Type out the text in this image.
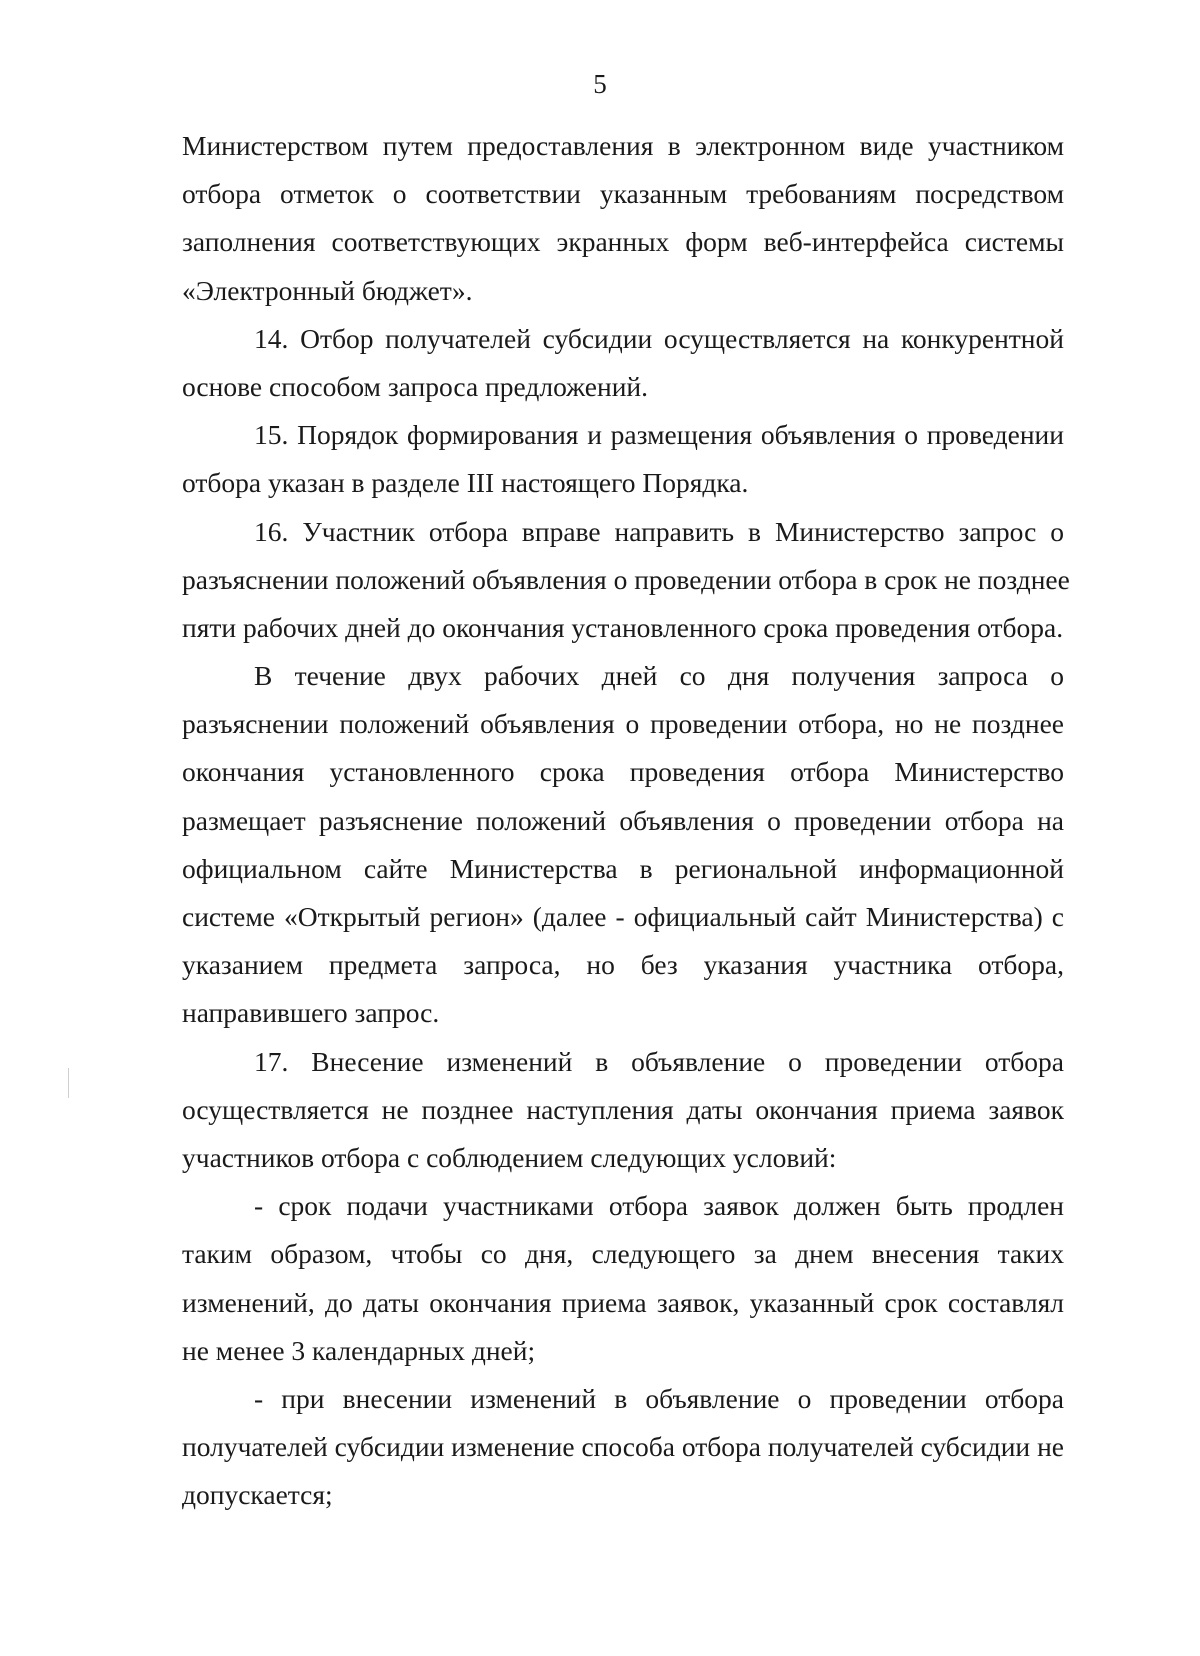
5
Министерством путем предоставления в электронном виде участником
отбора отметок о соответствии указанным требованиям посредством
заполнения соответствующих экранных форм веб-интерфейса системы
«Электронный бюджет».
14. Отбор получателей субсидии осуществляется на конкурентной
основе способом запроса предложений.
15. Порядок формирования и размещения объявления о проведении
отбора указан в разделе III настоящего Порядка.
16. Участник отбора вправе направить в Министерство запрос о
разъяснении положений объявления о проведении отбора в срок не позднее
пяти рабочих дней до окончания установленного срока проведения отбора.
В течение двух рабочих дней со дня получения запроса о
разъяснении положений объявления о проведении отбора, но не позднее
окончания установленного срока проведения отбора Министерство
размещает разъяснение положений объявления о проведении отбора на
официальном сайте Министерства в региональной информационной
системе «Открытый регион» (далее - официальный сайт Министерства) с
указанием предмета запроса, но без указания участника отбора,
направившего запрос.
17. Внесение изменений в объявление о проведении отбора
осуществляется не позднее наступления даты окончания приема заявок
участников отбора с соблюдением следующих условий:
- срок подачи участниками отбора заявок должен быть продлен
таким образом, чтобы со дня, следующего за днем внесения таких
изменений, до даты окончания приема заявок, указанный срок составлял
не менее 3 календарных дней;
- при внесении изменений в объявление о проведении отбора
получателей субсидии изменение способа отбора получателей субсидии не
допускается;
